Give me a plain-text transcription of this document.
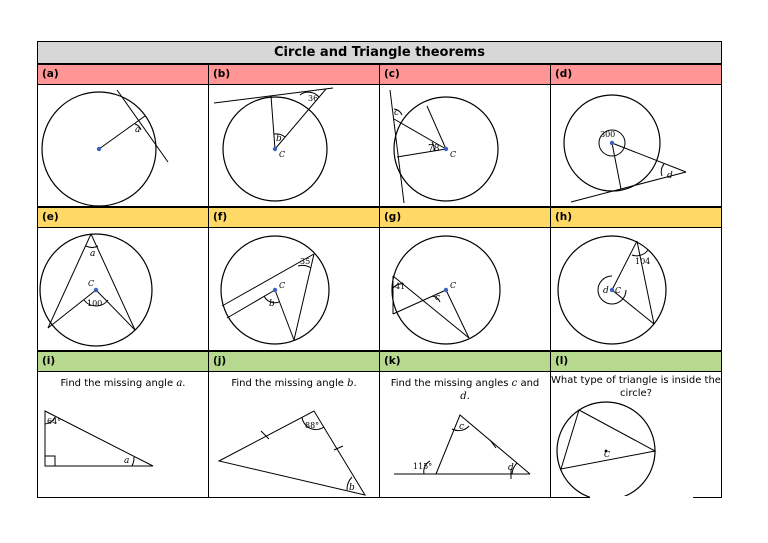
Circle and Triangle theorems
(a)	(b)	(c)	(d)
a
b
C
36
c
C
78
d
300
(e)	(f)	(g)	(h)
a
C
100	b
C
35
c
C
41	d C
104
(i)	(j)	(k)	(l)
Find the missing angle a.
64°
a
Find the missing angle b.
88°
b
Find the missing angles c and
d.
115°
c
d
What type of triangle is inside the circle?
C
